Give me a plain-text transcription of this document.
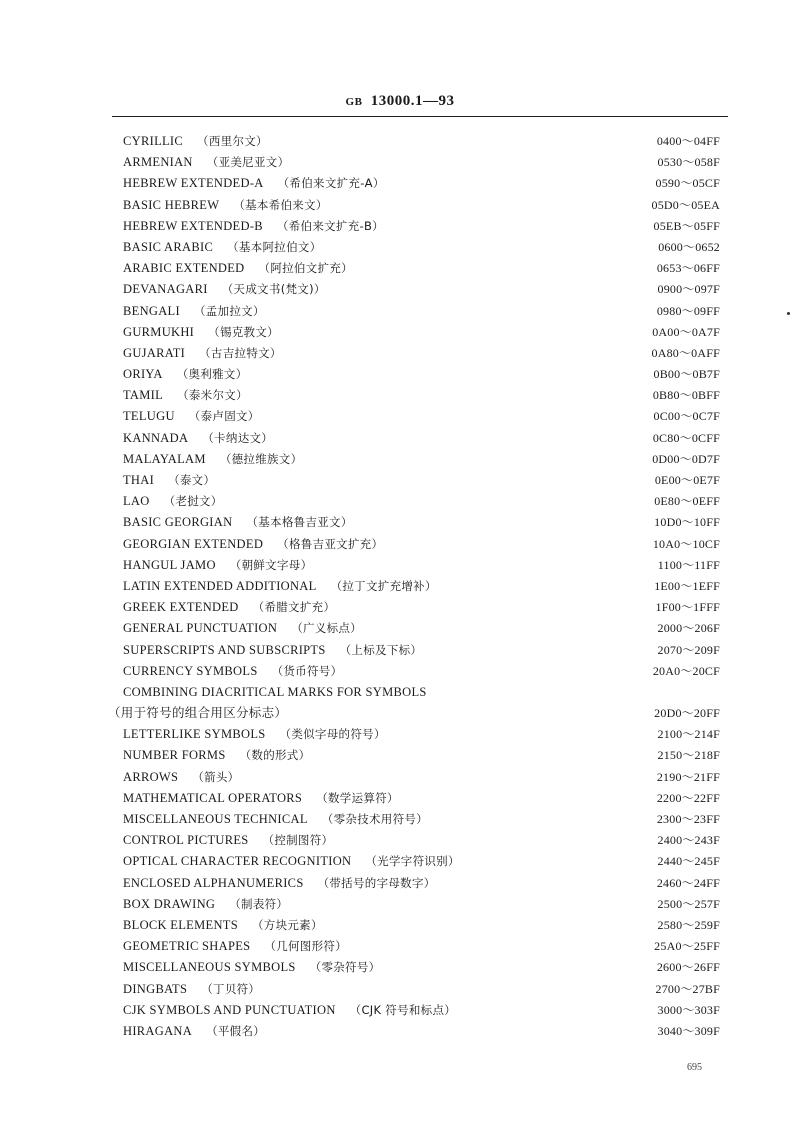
GB 13000.1—93
CYRILLIC （西里尔文）	0400～04FF
ARMENIAN （亚美尼亚文）	0530～058F
HEBREW EXTENDED-A （希伯来文扩充-A）	0590～05CF
BASIC HEBREW （基本希伯来文）	05D0～05EA
HEBREW EXTENDED-B （希伯来文扩充-B）	05EB～05FF
BASIC ARABIC （基本阿拉伯文）	0600～0652
ARABIC EXTENDED （阿拉伯文扩充）	0653～06FF
DEVANAGARI （天成文书(梵文)）	0900～097F
BENGALI （孟加拉文）	0980～09FF
GURMUKHI （锡克教文）	0A00～0A7F
GUJARATI （古吉拉特文）	0A80～0AFF
ORIYA （奥利雅文）	0B00～0B7F
TAMIL （泰米尔文）	0B80～0BFF
TELUGU （泰卢固文）	0C00～0C7F
KANNADA （卡纳达文）	0C80～0CFF
MALAYALAM （德拉维族文）	0D00～0D7F
THAI （泰文）	0E00～0E7F
LAO （老挝文）	0E80～0EFF
BASIC GEORGIAN （基本格鲁吉亚文）	10D0～10FF
GEORGIAN EXTENDED （格鲁吉亚文扩充）	10A0～10CF
HANGUL JAMO （朝鲜文字母）	1100～11FF
LATIN EXTENDED ADDITIONAL （拉丁文扩充增补）	1E00～1EFF
GREEK EXTENDED （希腊文扩充）	1F00～1FFF
GENERAL PUNCTUATION （广义标点）	2000～206F
SUPERSCRIPTS AND SUBSCRIPTS （上标及下标）	2070～209F
CURRENCY SYMBOLS （货币符号）	20A0～20CF
COMBINING DIACRITICAL MARKS FOR SYMBOLS
（用于符号的组合用区分标志）	20D0～20FF
LETTERLIKE SYMBOLS （类似字母的符号）	2100～214F
NUMBER FORMS （数的形式）	2150～218F
ARROWS （箭头）	2190～21FF
MATHEMATICAL OPERATORS （数学运算符）	2200～22FF
MISCELLANEOUS TECHNICAL （零杂技术用符号）	2300～23FF
CONTROL PICTURES （控制图符）	2400～243F
OPTICAL CHARACTER RECOGNITION （光学字符识别）	2440～245F
ENCLOSED ALPHANUMERICS （带括号的字母数字）	2460～24FF
BOX DRAWING （制表符）	2500～257F
BLOCK ELEMENTS （方块元素）	2580～259F
GEOMETRIC SHAPES （几何图形符）	25A0～25FF
MISCELLANEOUS SYMBOLS （零杂符号）	2600～26FF
DINGBATS （丁贝符）	2700～27BF
CJK SYMBOLS AND PUNCTUATION （CJK 符号和标点）	3000～303F
HIRAGANA （平假名）	3040～309F
695
